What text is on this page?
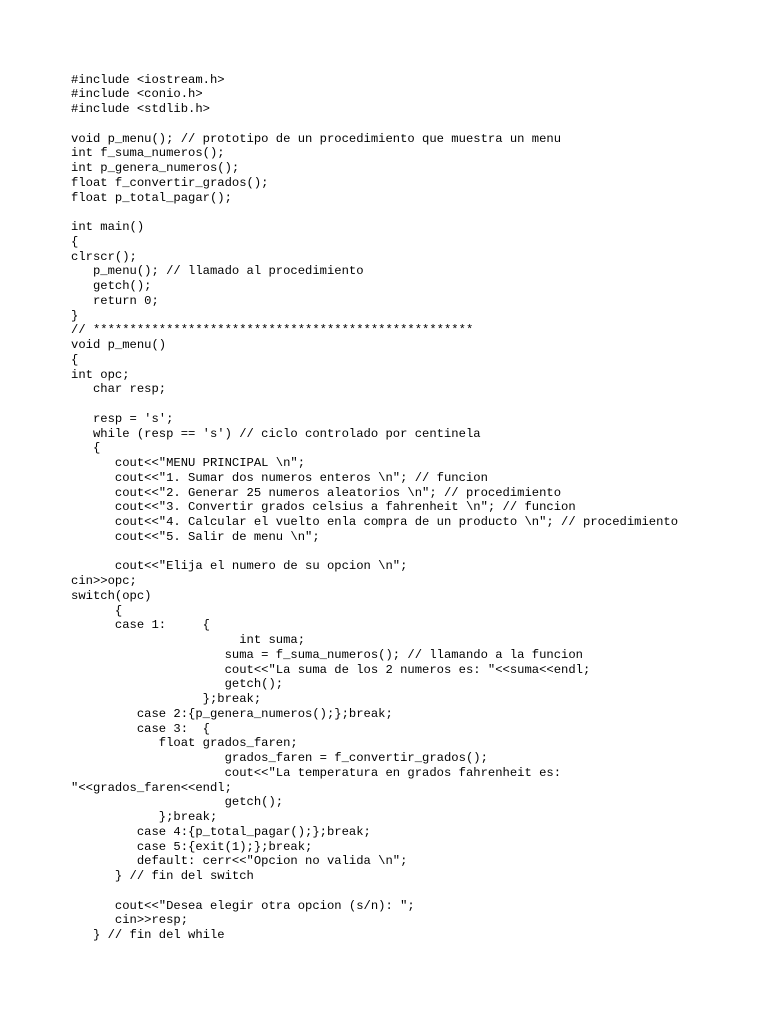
#include <iostream.h>
#include <conio.h>
#include <stdlib.h>
void p_menu(); // prototipo de un procedimiento que muestra un menu
int f_suma_numeros();
int p_genera_numeros();
float f_convertir_grados();
float p_total_pagar();
int main()
{
clrscr();
p_menu(); // llamado al procedimiento
getch();
return 0;
}
// ****************************************************
void p_menu()
{
int opc;
char resp;
resp = 's';
while (resp == 's') // ciclo controlado por centinela
{
cout<<"MENU PRINCIPAL \n";
cout<<"1. Sumar dos numeros enteros \n"; // funcion
cout<<"2. Generar 25 numeros aleatorios \n"; // procedimiento
cout<<"3. Convertir grados celsius a fahrenheit \n"; // funcion
cout<<"4. Calcular el vuelto enla compra de un producto \n"; // procedimiento
cout<<"5. Salir de menu \n";
cout<<"Elija el numero de su opcion \n";
cin>>opc;
switch(opc)
{
case 1:     {
int suma;
suma = f_suma_numeros(); // llamando a la funcion
cout<<"La suma de los 2 numeros es: "<<suma<<endl;
getch();
};break;
case 2:{p_genera_numeros();};break;
case 3:  {
float grados_faren;
grados_faren = f_convertir_grados();
cout<<"La temperatura en grados fahrenheit es:
"<<grados_faren<<endl;
getch();
};break;
case 4:{p_total_pagar();};break;
case 5:{exit(1);};break;
default: cerr<<"Opcion no valida \n";
} // fin del switch
cout<<"Desea elegir otra opcion (s/n): ";
cin>>resp;
} // fin del while
